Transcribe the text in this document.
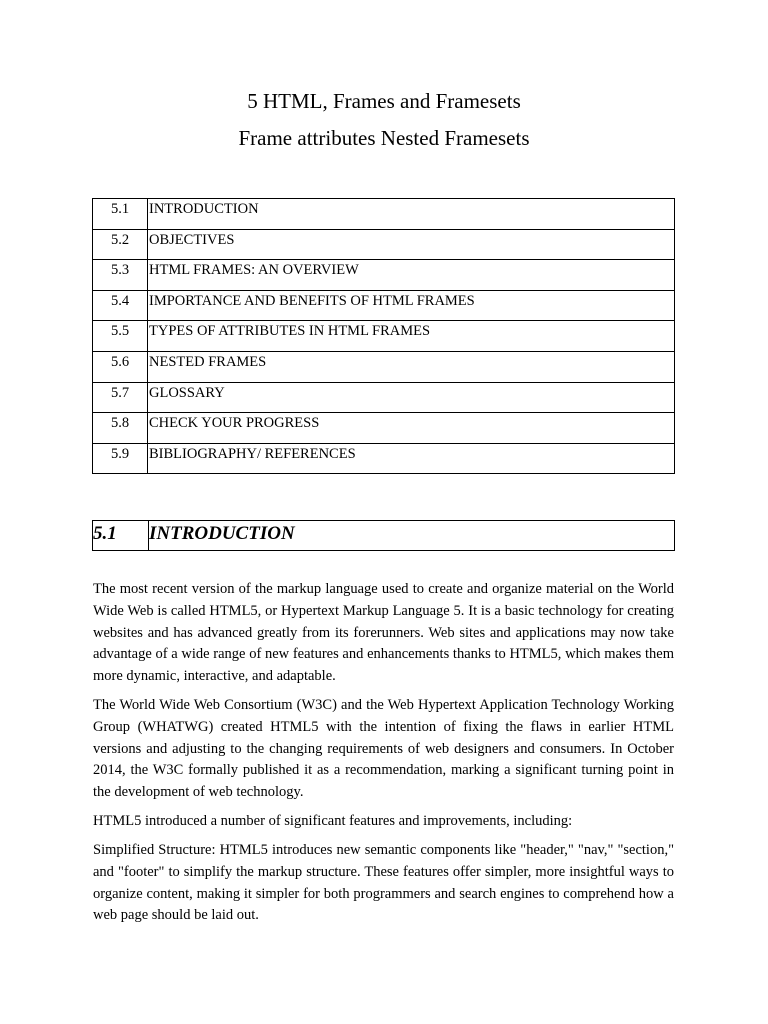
5 HTML, Frames and Framesets
Frame attributes Nested Framesets
5.1	INTRODUCTION
5.2	OBJECTIVES
5.3	HTML FRAMES: AN OVERVIEW
5.4	IMPORTANCE AND BENEFITS OF HTML FRAMES
5.5	TYPES OF ATTRIBUTES IN HTML FRAMES
5.6	NESTED FRAMES
5.7	GLOSSARY
5.8	CHECK YOUR PROGRESS
5.9	BIBLIOGRAPHY/ REFERENCES
5.1	INTRODUCTION

The most recent version of the markup language used to create and organize material on the World Wide Web is called HTML5, or Hypertext Markup Language 5. It is a basic technology for creating websites and has advanced greatly from its forerunners. Web sites and applications may now take advantage of a wide range of new features and enhancements thanks to HTML5, which makes them more dynamic, interactive, and adaptable.

The World Wide Web Consortium (W3C) and the Web Hypertext Application Technology Working Group (WHATWG) created HTML5 with the intention of fixing the flaws in earlier HTML versions and adjusting to the changing requirements of web designers and consumers. In October 2014, the W3C formally published it as a recommendation, marking a significant turning point in the development of web technology.

HTML5 introduced a number of significant features and improvements, including:

Simplified Structure: HTML5 introduces new semantic components like "header," "nav," "section," and "footer" to simplify the markup structure. These features offer simpler, more insightful ways to organize content, making it simpler for both programmers and search engines to comprehend how a web page should be laid out.
